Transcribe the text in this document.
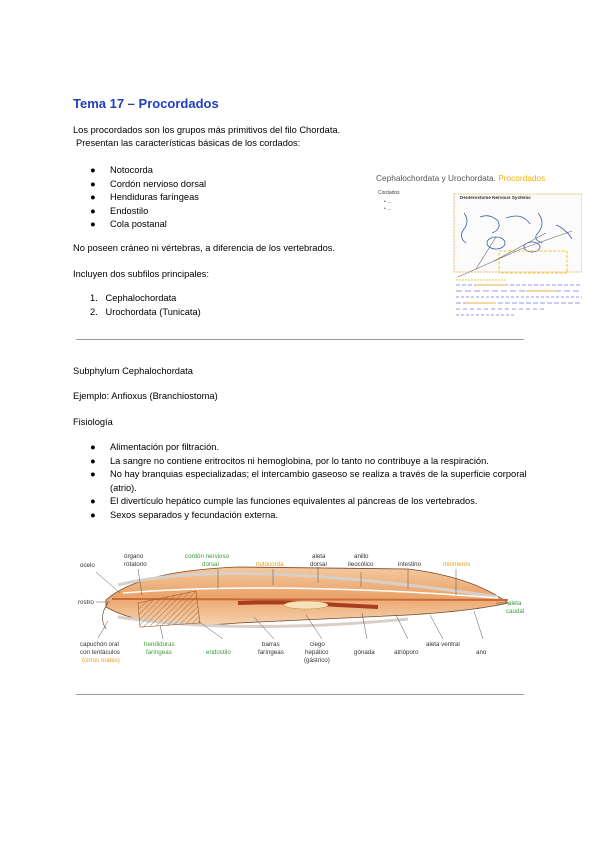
Tema 17 – Procordados
Los procordados son los grupos más primitivos del filo Chordata.
Presentan las características básicas de los cordados:
● Notocorda
● Cordón nervioso dorsal
● Hendiduras faríngeas
● Endostilo
● Cola postanal
No poseen cráneo ni vértebras, a diferencia de los vertebrados.
Incluyen dos subfilos principales:
1. Cephalochordata
2. Urochordata (Tunicata)
Cephalochordata y Urochordata. Procordados
Cordados
• ...
• ...
Deuterostome Nervous Systems
Subphylum Cephalochordata
Ejemplo: Anfioxus (Branchiostoma)
Fisiología
● Alimentación por filtración.
● La sangre no contiene eritrocitos ni hemoglobina, por lo tanto no contribuye a la respiración.
● No hay branquias especializadas; el intercambio gaseoso se realiza a través de la superficie corporal (atrio).
● El divertículo hepático cumple las funciones equivalentes al páncreas de los vertebrados.
● Sexos separados y fecundación externa.
ocelo
rostro
órgano
rotatorio
cordón nervioso
dorsal	notocorda
aleta
dorsal
anillo
ileocólico	intestino	miómeros
aleta
caudal
capuchón oral
con tentáculos
(cirros orales)
hendiduras
faríngeas	endostilo
barras
faríngeas
ciego
hepático
(gástrico)
gónada	atrióporo
aleta ventral
ano
